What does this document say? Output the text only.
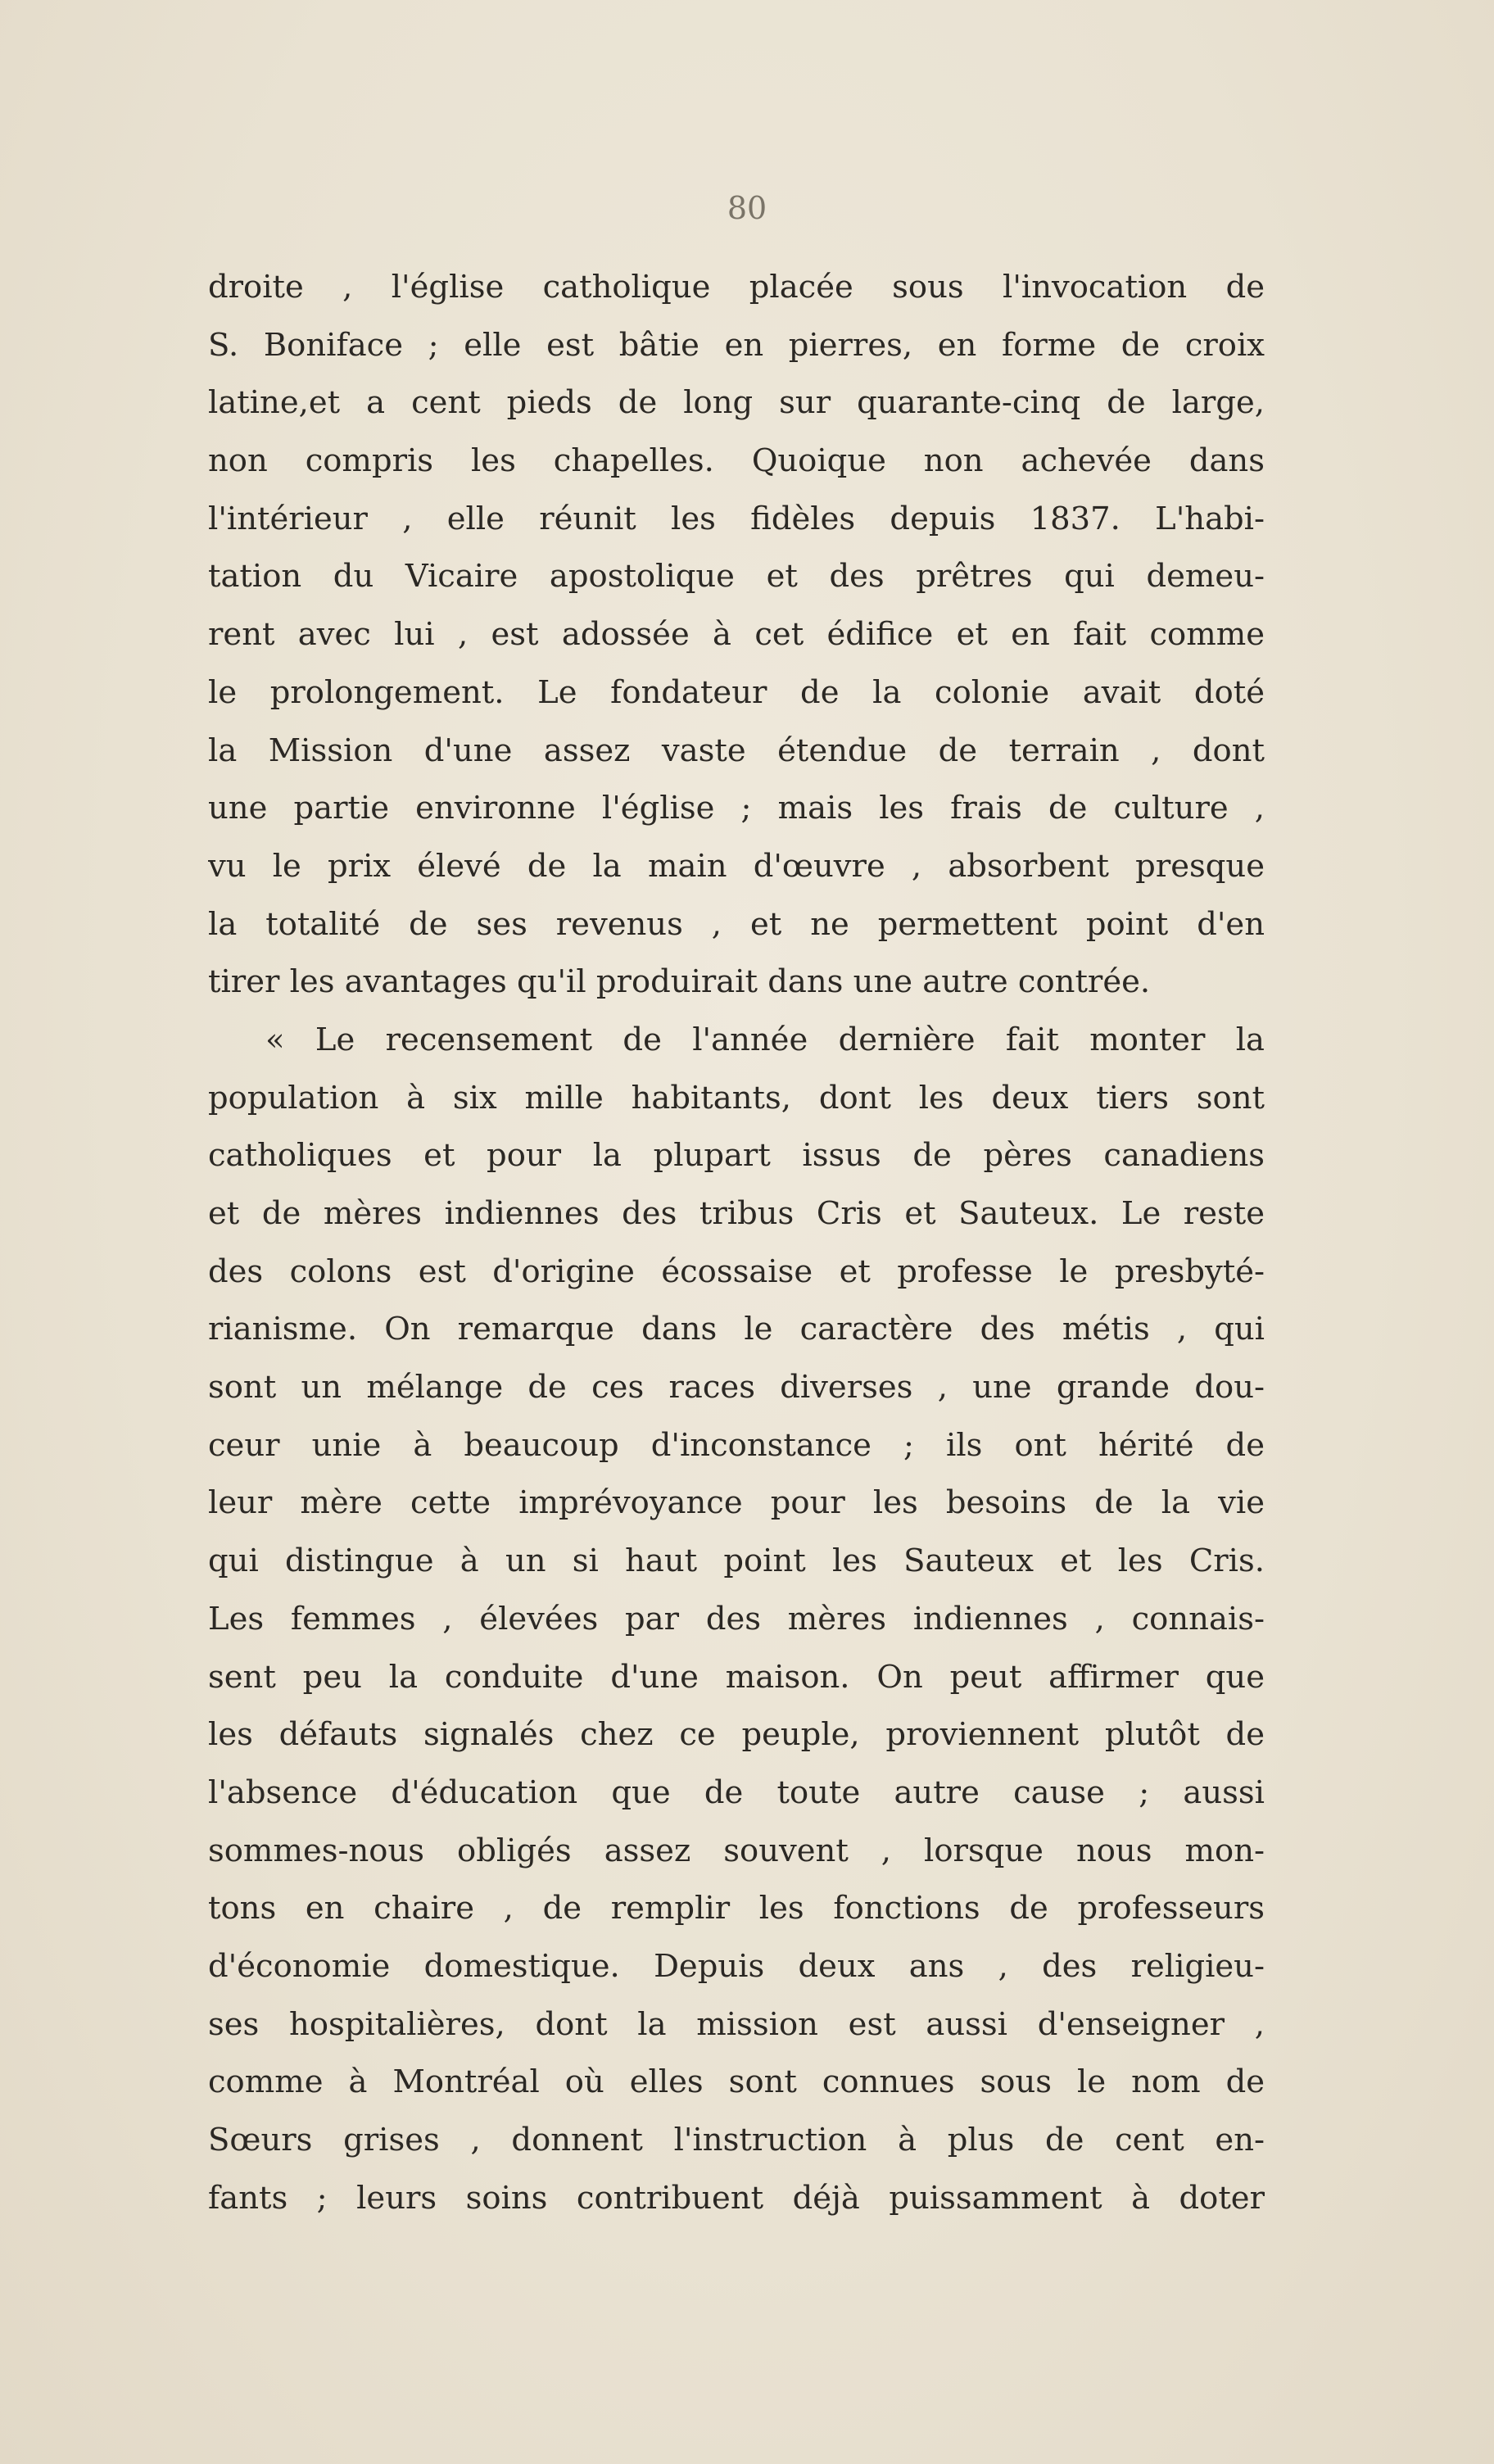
80
droite , l'église catholique placée sous l'invocation de
S. Boniface ; elle est bâtie en pierres, en forme de croix
latine,et a cent pieds de long sur quarante-cinq de large,
non compris les chapelles. Quoique non achevée dans
l'intérieur , elle réunit les fidèles depuis 1837. L'habi-
tation du Vicaire apostolique et des prêtres qui demeu-
rent avec lui , est adossée à cet édifice et en fait comme
le prolongement. Le fondateur de la colonie avait doté
la Mission d'une assez vaste étendue de terrain , dont
une partie environne l'église ; mais les frais de culture ,
vu le prix élevé de la main d'œuvre , absorbent presque
la totalité de ses revenus , et ne permettent point d'en
tirer les avantages qu'il produirait dans une autre contrée.
« Le recensement de l'année dernière fait monter la
population à six mille habitants, dont les deux tiers sont
catholiques et pour la plupart issus de pères canadiens
et de mères indiennes des tribus Cris et Sauteux. Le reste
des colons est d'origine écossaise et professe le presbyté-
rianisme. On remarque dans le caractère des métis , qui
sont un mélange de ces races diverses , une grande dou-
ceur unie à beaucoup d'inconstance ; ils ont hérité de
leur mère cette imprévoyance pour les besoins de la vie
qui distingue à un si haut point les Sauteux et les Cris.
Les femmes , élevées par des mères indiennes , connais-
sent peu la conduite d'une maison. On peut affirmer que
les défauts signalés chez ce peuple, proviennent plutôt de
l'absence d'éducation que de toute autre cause ; aussi
sommes-nous obligés assez souvent , lorsque nous mon-
tons en chaire , de remplir les fonctions de professeurs
d'économie domestique. Depuis deux ans , des religieu-
ses hospitalières, dont la mission est aussi d'enseigner ,
comme à Montréal où elles sont connues sous le nom de
Sœurs grises , donnent l'instruction à plus de cent en-
fants ; leurs soins contribuent déjà puissamment à doter
